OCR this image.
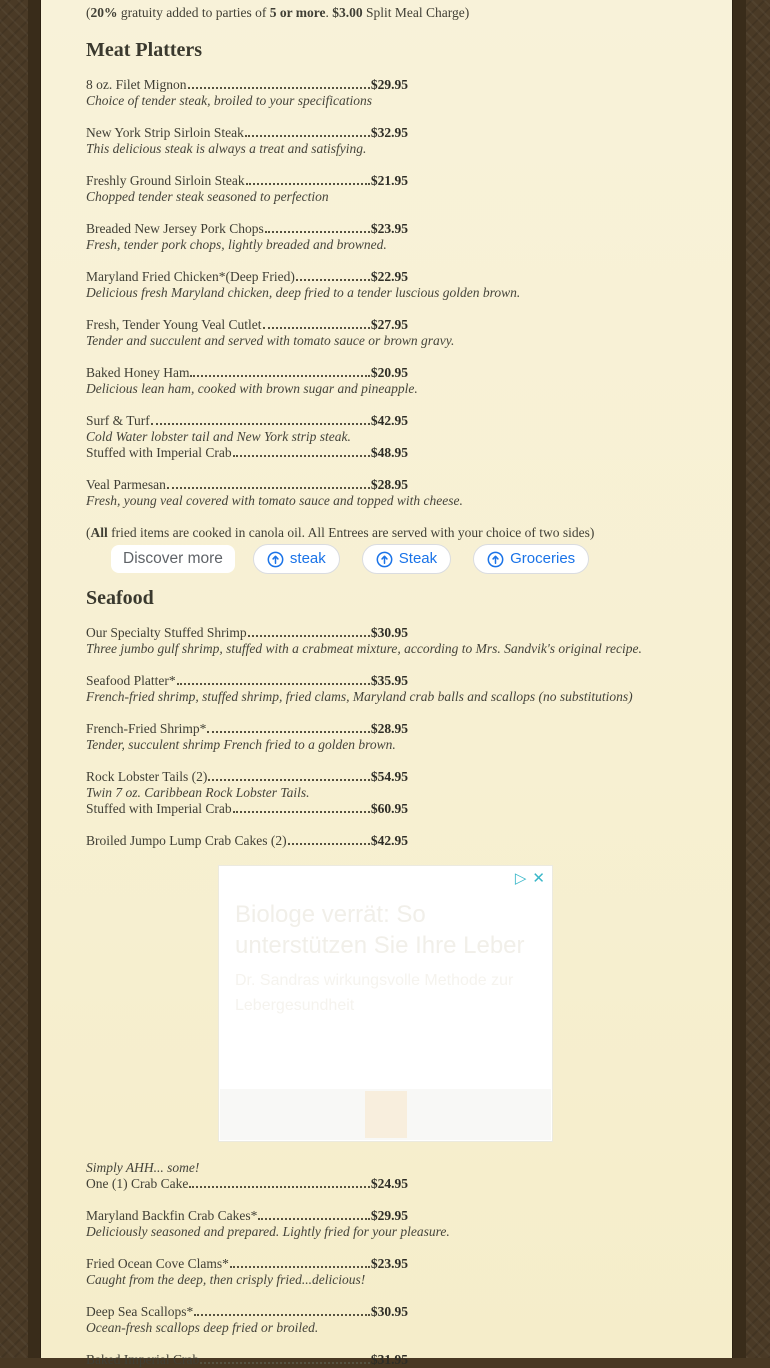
(20% gratuity added to parties of 5 or more. $3.00 Split Meal Charge)

Meat Platters
8 oz. Filet Mignon	$29.95
Choice of tender steak, broiled to your specifications
New York Strip Sirloin Steak	$32.95
This delicious steak is always a treat and satisfying.
Freshly Ground Sirloin Steak	$21.95
Chopped tender steak seasoned to perfection
Breaded New Jersey Pork Chops	$23.95
Fresh, tender pork chops, lightly breaded and browned.
Maryland Fried Chicken*(Deep Fried)	$22.95
Delicious fresh Maryland chicken, deep fried to a tender luscious golden brown.
Fresh, Tender Young Veal Cutlet	$27.95
Tender and succulent and served with tomato sauce or brown gravy.
Baked Honey Ham	$20.95
Delicious lean ham, cooked with brown sugar and pineapple.
Surf & Turf	$42.95
Cold Water lobster tail and New York strip steak.
Stuffed with Imperial Crab	$48.95
Veal Parmesan	$28.95
Fresh, young veal covered with tomato sauce and topped with cheese.

(All fried items are cooked in canola oil. All Entrees are served with your choice of two sides)

Discover more	steak	Steak	Groceries
Seafood
Our Specialty Stuffed Shrimp	$30.95
Three jumbo gulf shrimp, stuffed with a crabmeat mixture, according to Mrs. Sandvik's original recipe.
Seafood Platter*	$35.95
French-fried shrimp, stuffed shrimp, fried clams, Maryland crab balls and scallops (no substitutions)
French-Fried Shrimp*	$28.95
Tender, succulent shrimp French fried to a golden brown.
Rock Lobster Tails (2)	$54.95
Twin 7 oz. Caribbean Rock Lobster Tails.
Stuffed with Imperial Crab	$60.95
Broiled Jumpo Lump Crab Cakes (2)	$42.95
▷ ✕
Biologe verrät: So unterstützen Sie Ihre Leber
Dr. Sandras wirkungsvolle Methode zur Lebergesundheit
Simply AHH... some!
One (1) Crab Cake	$24.95
Maryland Backfin Crab Cakes*	$29.95
Deliciously seasoned and prepared. Lightly fried for your pleasure.
Fried Ocean Cove Clams*	$23.95
Caught from the deep, then crisply fried...delicious!
Deep Sea Scallops*	$30.95
Ocean-fresh scallops deep fried or broiled.
Baked Imperial Crab	$31.95
